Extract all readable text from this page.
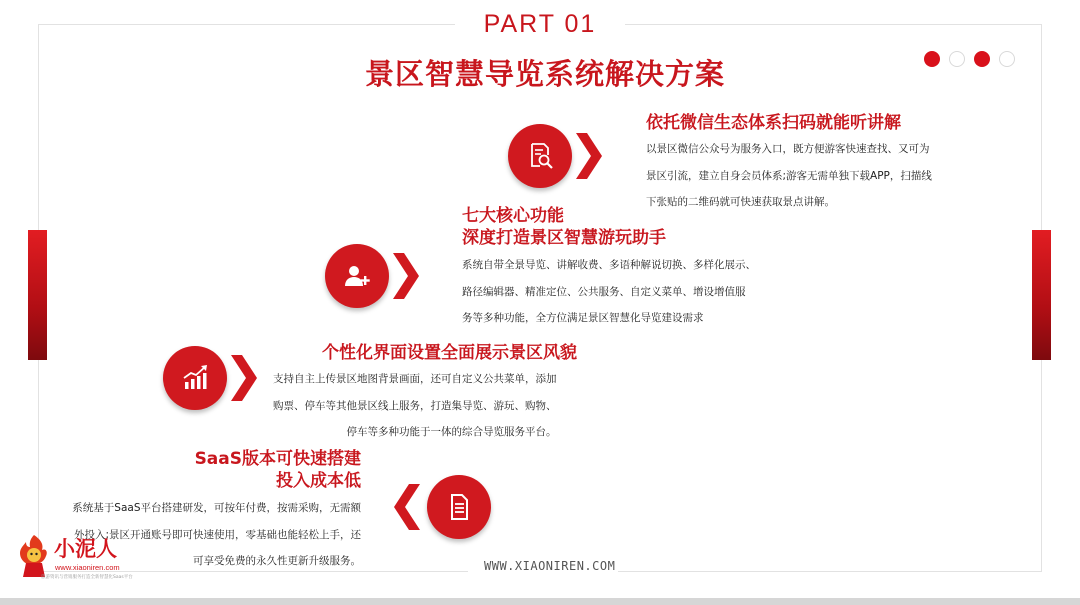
PART 01
景区智慧导览系统解决方案
依托微信生态体系扫码就能听讲解
以景区微信公众号为服务入口，既方便游客快速查找、又可为
景区引流，建立自身会员体系;游客无需单独下载APP，扫描线
下张贴的二维码就可快速获取景点讲解。
七大核心功能
深度打造景区智慧游玩助手
系统自带全景导览、讲解收费、多语种解说切换、多样化展示、
路径编辑器、精准定位、公共服务、自定义菜单、增设增值服
务等多种功能，全方位满足景区智慧化导览建设需求
个性化界面设置全面展示景区风貌
支持自主上传景区地图背景画面，还可自定义公共菜单，添加
购票、停车等其他景区线上服务，打造集导览、游玩、购物、
停车等多种功能于一体的综合导览服务平台。
SaaS版本可快速搭建
投入成本低
系统基于SaaS平台搭建研发，可按年付费，按需采购，无需额
外投入;景区开通账号即可快速使用，零基础也能轻松上手，还
可享受免费的永久性更新升级服务。	WWW.XIAONIREN.COM
小泥人
www.xiaoniren.com
旅游资讯与营销服务打造全新智慧化Saas平台
